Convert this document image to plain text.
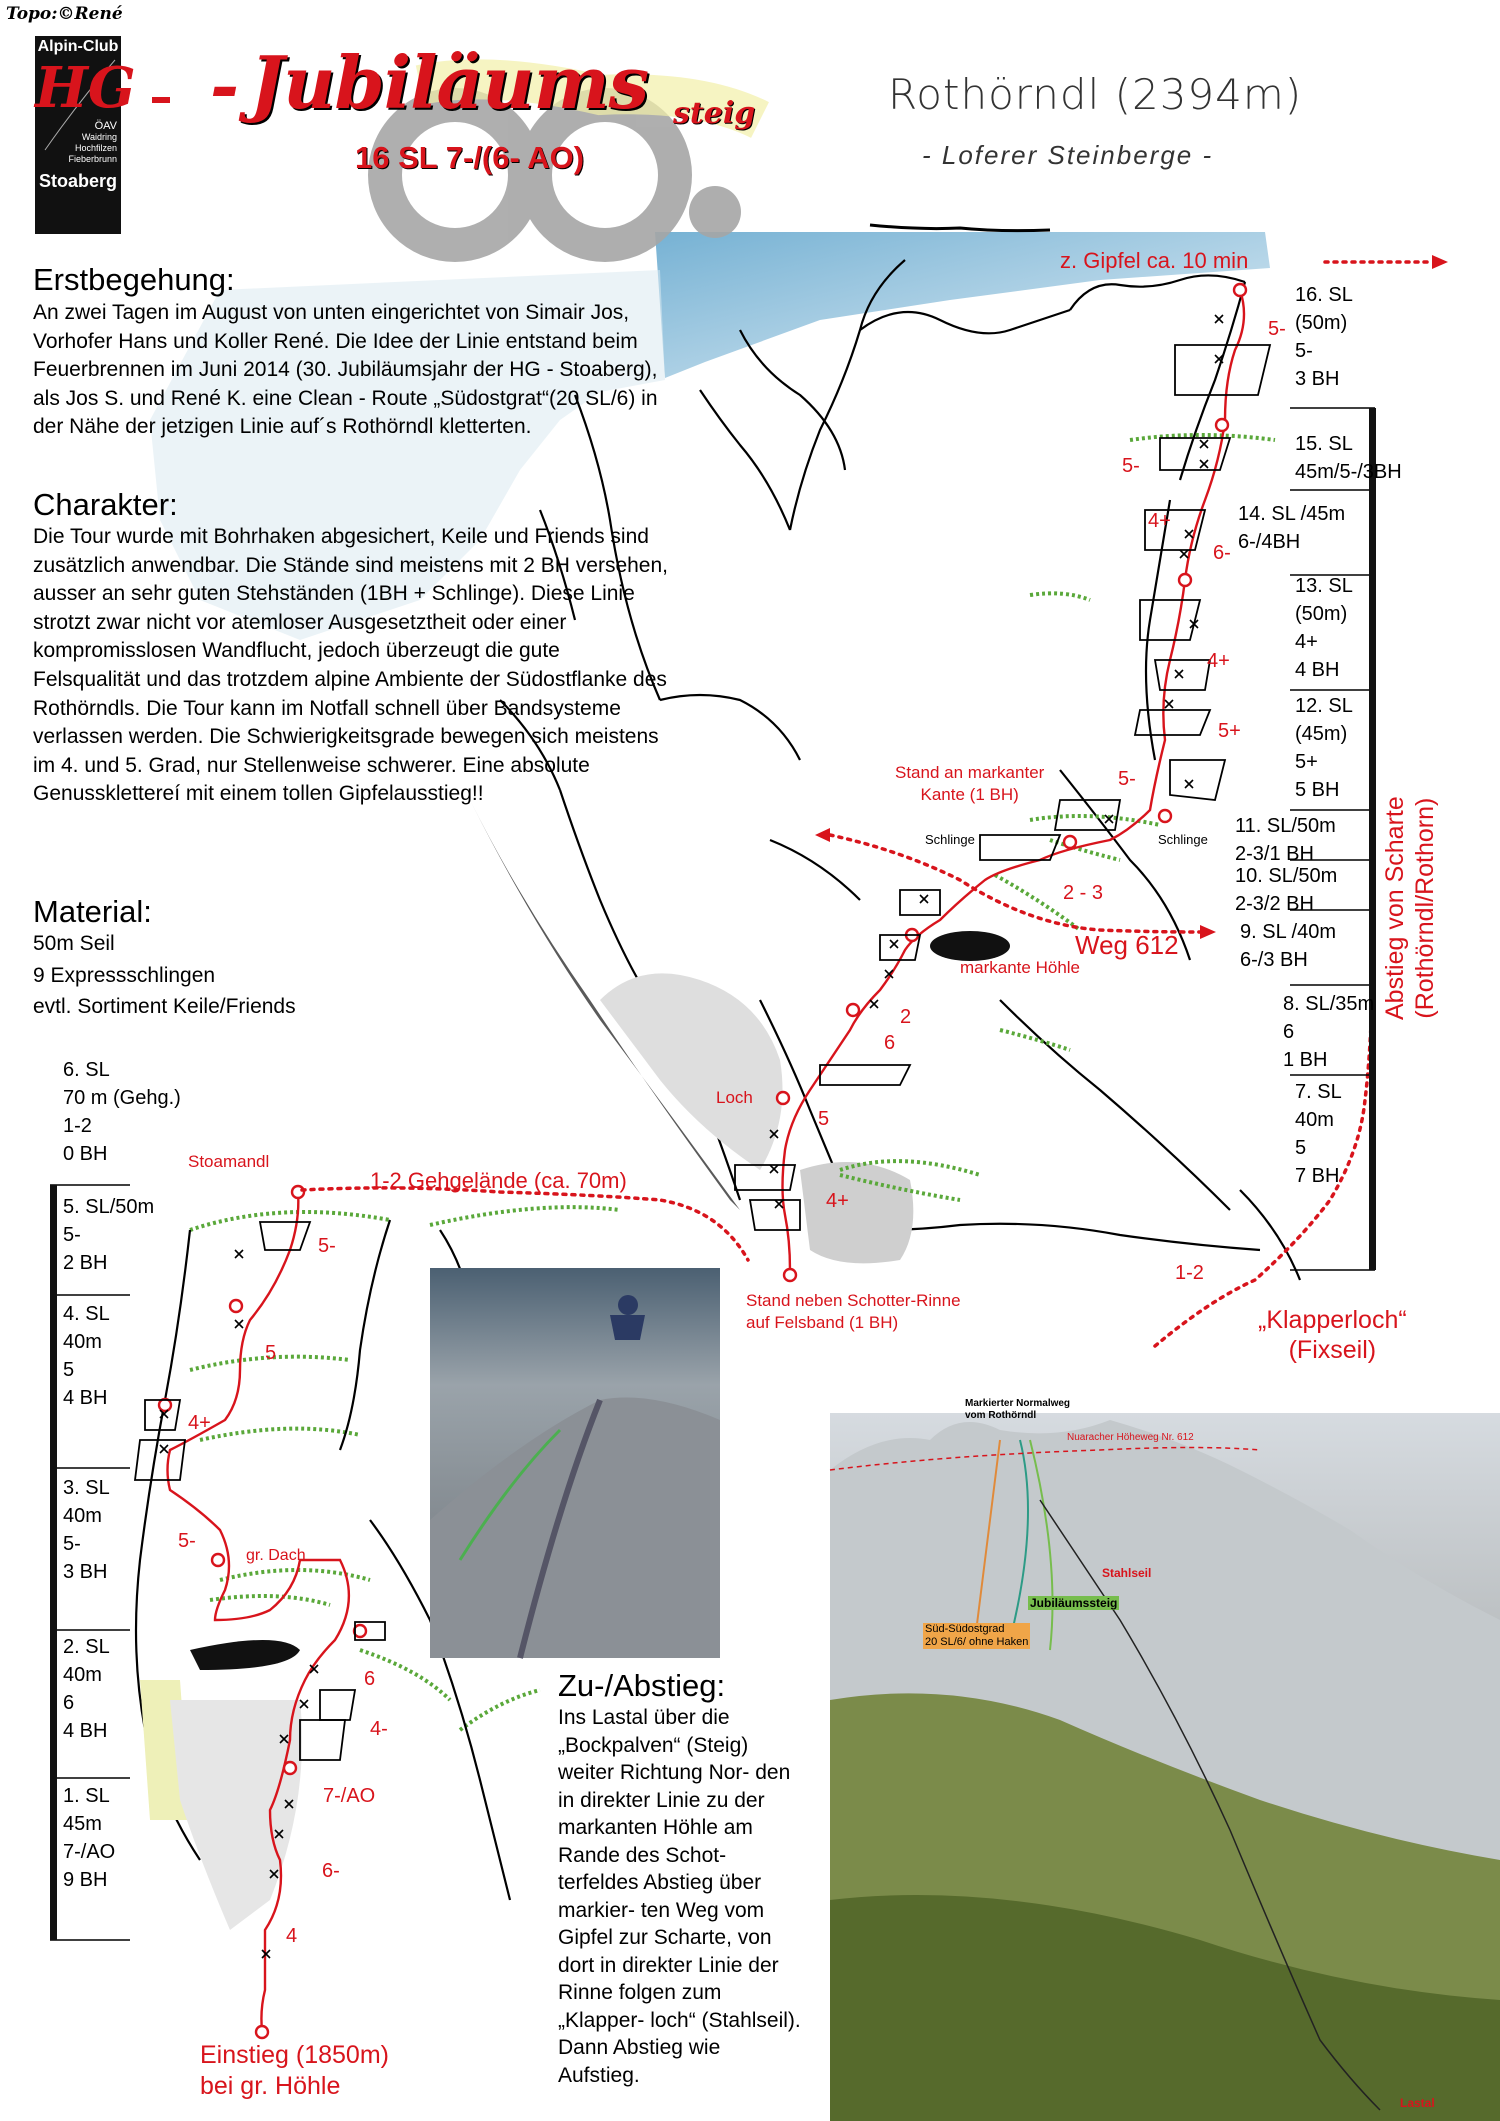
Topo:©René
Alpin-Club
HG
ÖAV
Waidring
Hochfilzen
Fieberbrunn
Stoaberg
- Jubiläums steig
16 SL 7-/(6- AO)
Rothörndl (2394m)
- Loferer Steinberge -
Erstbegehung:
An zwei Tagen im August von unten eingerichtet von Simair Jos, Vorhofer Hans und Koller René. Die Idee der Linie entstand beim Feuerbrennen im Juni 2014 (30. Jubiläumsjahr der HG - Stoaberg), als Jos S. und René K. eine Clean - Route „Südostgrat“(20 SL/6) in der Nähe der jetzigen Linie auf´s Rothörndl kletterten.
Charakter:
Die Tour wurde mit Bohrhaken abgesichert, Keile und Friends sind zusätzlich anwendbar. Die Stände sind meistens mit 2 BH versehen, ausser an sehr guten Stehständen (1BH + Schlinge). Diese Linie strotzt zwar nicht vor atemloser Ausgesetztheit oder einer kompromisslosen Wandflucht, jedoch überzeugt die gute Felsqualität und das trotzdem alpine Ambiente der Südostflanke des Rothörndls. Die Tour kann im Notfall schnell über Bandsysteme verlassen werden. Die Schwierigkeitsgrade bewegen sich meistens im 4. und 5. Grad, nur Stellenweise schwerer. Eine absolute Genussklettereí mit einem tollen Gipfelausstieg!!
Material:
50m Seil
9 Expressschlingen
evtl. Sortiment Keile/Friends
Zu-/Abstieg:
Ins Lastal über die „Bockpalven“ (Steig) weiter Richtung Nor- den in direkter Linie zu der markanten Höhle am Rande des Schot- terfeldes Abstieg über markier- ten Weg vom Gipfel zur Scharte, von dort in direkter Linie der Rinne folgen zum „Klapper- loch“ (Stahlseil). Dann Abstieg wie Aufstieg.
6. SL
70 m (Gehg.)
1-2
0 BH
5. SL/50m
5-
2 BH
4. SL
40m
5
4 BH
3. SL
40m
5-
3 BH
2. SL
40m
6
4 BH
1. SL
45m
7-/AO
9 BH
16. SL
(50m)
5-
3 BH
15. SL
45m/5-/3BH
14. SL /45m
6-/4BH
13. SL
(50m)
4+
4 BH
12. SL
(45m)
5+
5 BH
11. SL/50m
2-3/1 BH
10. SL/50m
2-3/2 BH
9. SL /40m
6-/3 BH
8. SL/35m
6
1 BH
7. SL
40m
5
7 BH
z. Gipfel ca. 10 min
Abstieg von Scharte
(Rothörndl/Rothorn)
Stand an markanter
Kante (1 BH)
Schlinge	Schlinge
Weg 612
markante Höhle
Loch
Stoamandl
1-2 Gehgelände (ca. 70m)
Stand neben Schotter-Rinne
auf Felsband (1 BH)	„Klapperloch“
(Fixseil)
Einstieg (1850m)
bei gr. Höhle
gr. Dach
5-
5-
4+
6-
4+
5+
5-
2 - 3
2
6
5
4+
1-2
5-
5
4+
5-
6
4-
7-/AO
6-
4
Markierter Normalweg
vom Rothörndl
Nuaracher Höheweg Nr. 612
Stahlseil
Jubiläumssteig
Süd-Südostgrad
20 SL/6/ ohne Haken
Lastal
